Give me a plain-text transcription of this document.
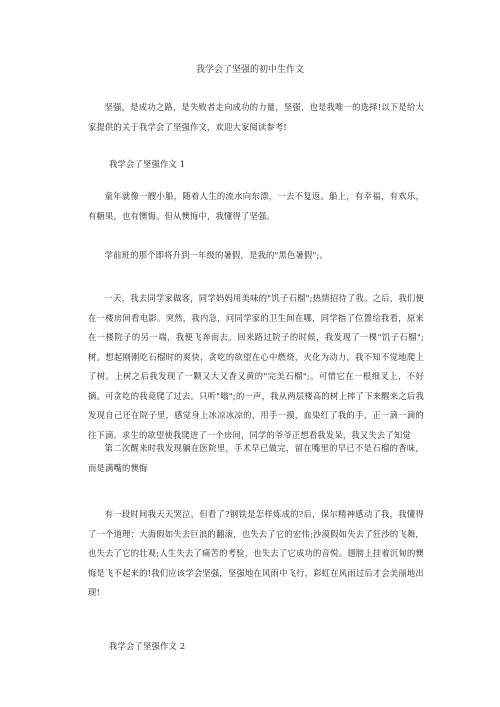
我学会了坚强的初中生作文
坚强，是成功之路，是失败者走向成功的力量，坚强，也是我唯一的选择!以下是给大家提供的关于我学会了坚强作文，欢迎大家阅读参考!
我学会了坚强作文 1
童年就像一艘小船，随着人生的流水向东漂，一去不复返。船上，有幸福，有欢乐，有糖果，也有懊悔。但从懊悔中，我懂得了坚强。
学前班的那个即将升到一年级的暑假，是我的"黑色暑假";。
一天，我去同学家做客，同学妈妈用美味的"饥子石榴";热情招待了我。之后，我们便在一楼房间看电影。突然，我内急，问同学家的卫生间在哪，同学指了位置给我看，原来在一楼院子的另一端，我便飞奔而去。回来路过院子的时候，我发现了一棵"饥子石榴";树。想起刚刚吃石榴时的爽快，贪吃的欲望在心中燃烧，火化为动力，我不知不觉地爬上了树。上树之后我发现了一颗又大又香又黄的"完美石榴";。可惜它在一根细叉上，不好摘。可贪吃的我竟爬了过去。只听"嗡";的一声，我从两层楼高的树上摔了下来醒来之后我发现自己还在院子里，感觉身上冰凉冰凉的，用手一摸，血染红了我的手，正一滴一滴的往下滴。求生的欲望使我爬进了一个房间，同学的爷爷正想看我发呆，我又失去了知觉
第二次醒来时我发现躺在医院里，手术早已做完，留在嘴里的早已不是石榴的香味，而是满嘴的懊悔
有一段时间我天天哭泣，但看了?钢铁是怎样炼成的?后，保尔精神感动了我，我懂得了一个道理：大海假如失去巨浪的翻滚，也失去了它的宏伟;沙漠假如失去了狂沙的飞舞，也失去了它的壮观;人生失去了痛苦的考验，也失去了它成功的音悦。翅膀上挂着沉甸的懊悔是飞不起来的!我们应该学会坚强，坚强地在风雨中飞行，彩虹在风雨过后才会美丽地出现!
我学会了坚强作文 2
